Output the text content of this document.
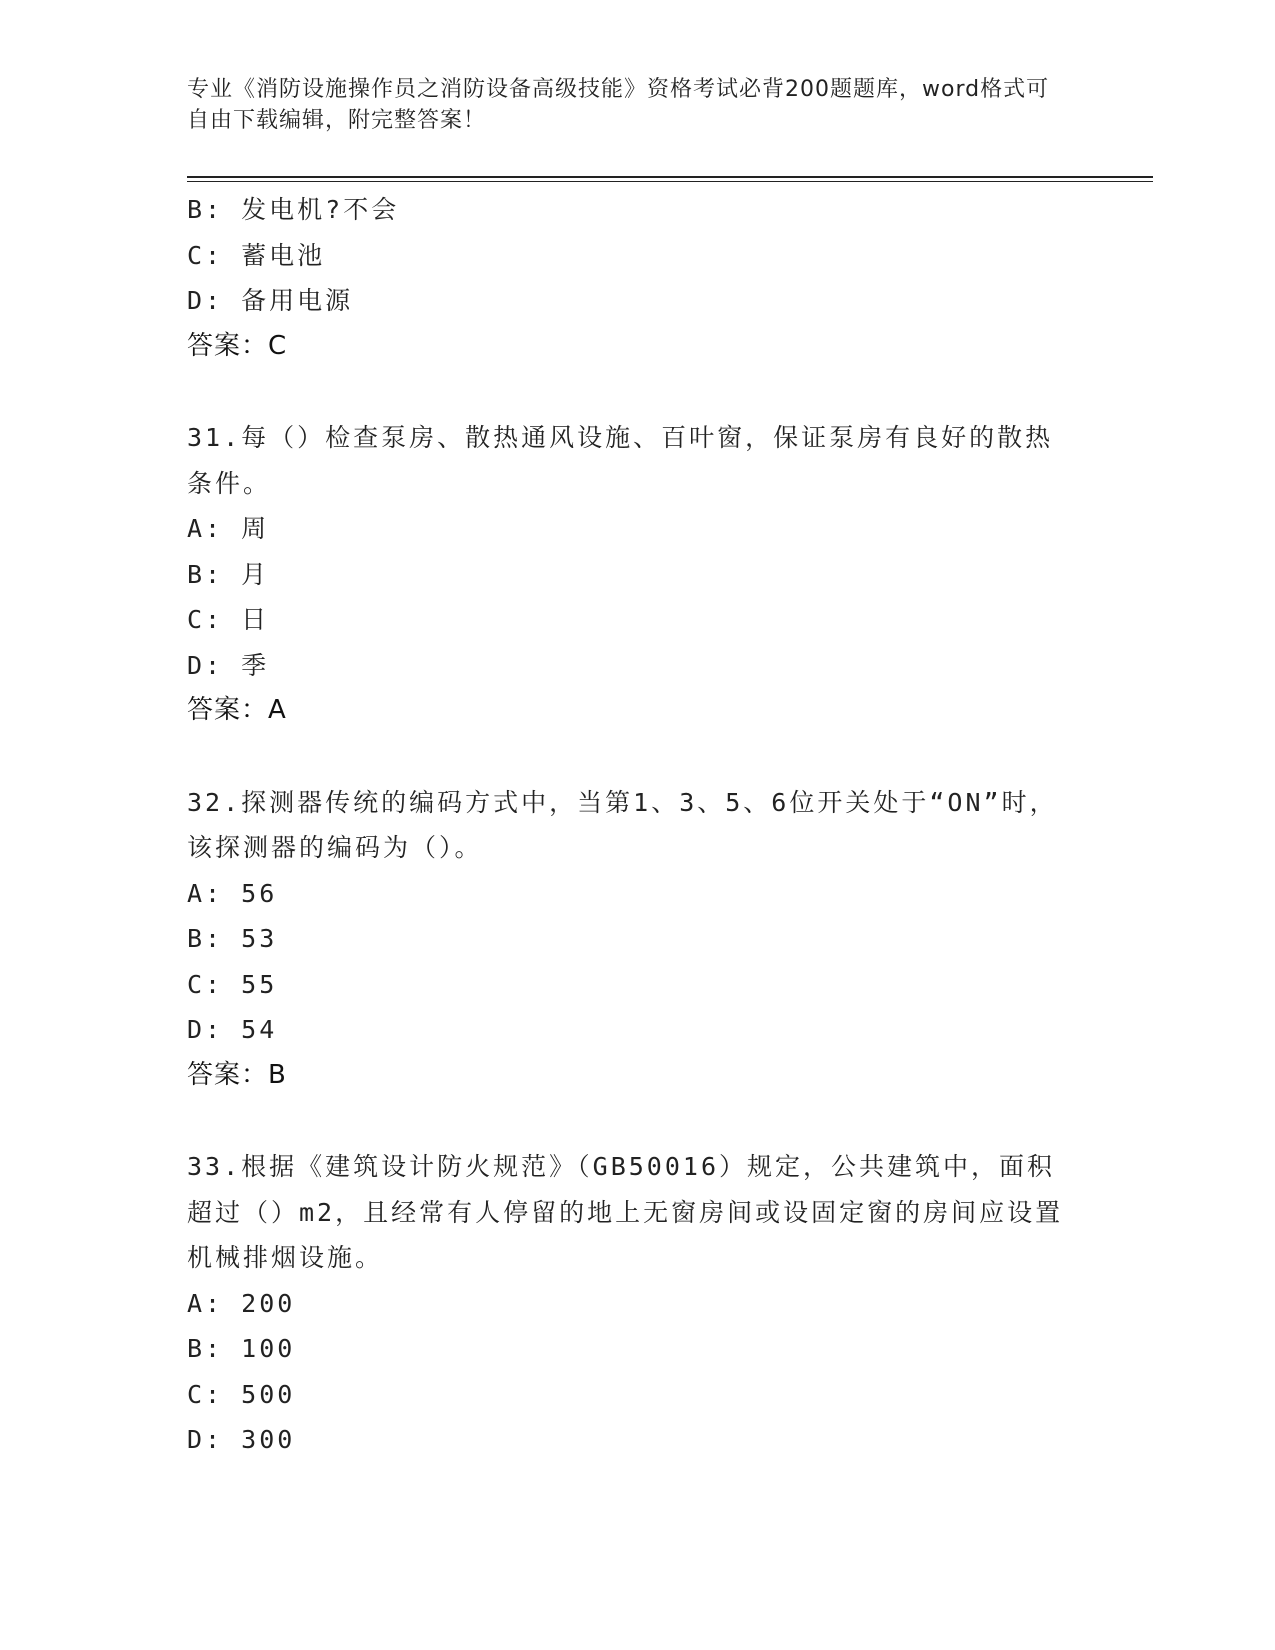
专业《消防设施操作员之消防设备高级技能》资格考试必背200题题库，word格式可自由下载编辑，附完整答案！
B: 发电机?不会
C: 蓄电池
D: 备用电源
答案：C
31.每（）检查泵房、散热通风设施、百叶窗，保证泵房有良好的散热条件。
A: 周
B: 月
C: 日
D: 季
答案：A
32.探测器传统的编码方式中，当第1、3、5、6位开关处于“ON”时，该探测器的编码为（）。
A: 56
B: 53
C: 55
D: 54
答案：B
33.根据《建筑设计防火规范》（GB50016）规定，公共建筑中，面积超过（）m2，且经常有人停留的地上无窗房间或设固定窗的房间应设置机械排烟设施。
A: 200
B: 100
C: 500
D: 300
